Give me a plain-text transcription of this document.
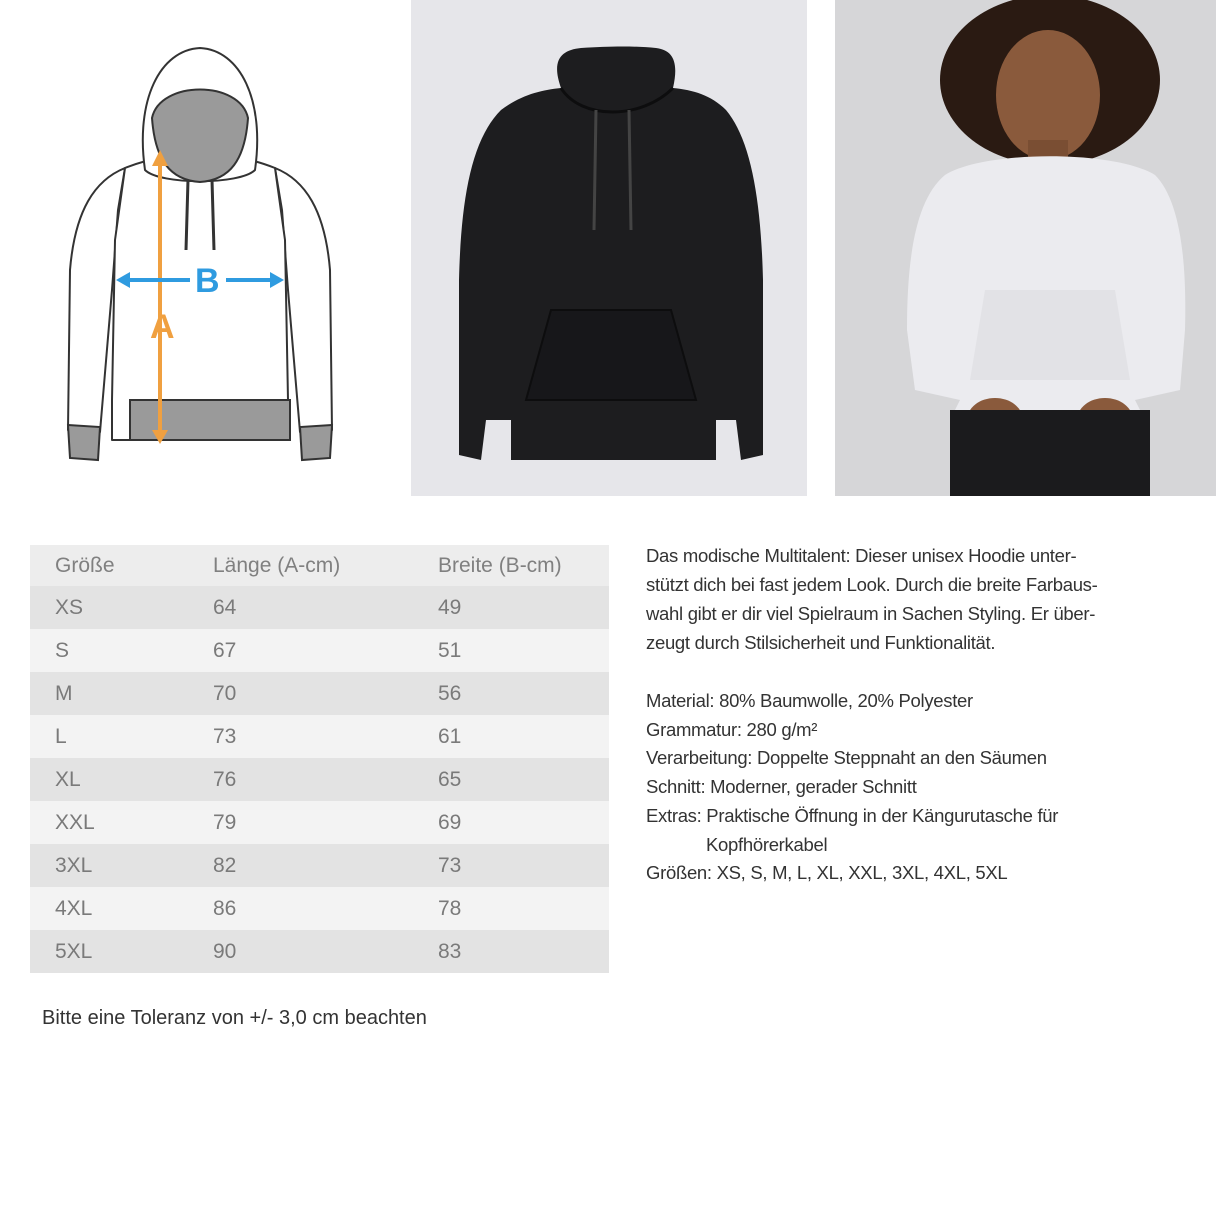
A
B
Größe	Länge (A-cm)	Breite (B-cm)
XS	64	49
S	67	51
M	70	56
L	73	61
XL	76	65
XXL	79	69
3XL	82	73
4XL	86	78
5XL	90	83
Bitte eine Toleranz von +/- 3,0 cm beachten

Das modische Multitalent: Dieser unisex Hoodie unter-

stützt dich bei fast jedem Look. Durch die breite Farbaus-

wahl gibt er dir viel Spielraum in Sachen Styling. Er über-

zeugt durch Stilsicherheit und Funktionalität.

Material: 80% Baumwolle, 20% Polyester
Grammatur: 280 g/m²
Verarbeitung: Doppelte Steppnaht an den Säumen
Schnitt: Moderner, gerader Schnitt
Extras: Praktische Öffnung in der Kängurutasche für
Kopfhörerkabel
Größen: XS, S, M, L, XL, XXL, 3XL, 4XL, 5XL
